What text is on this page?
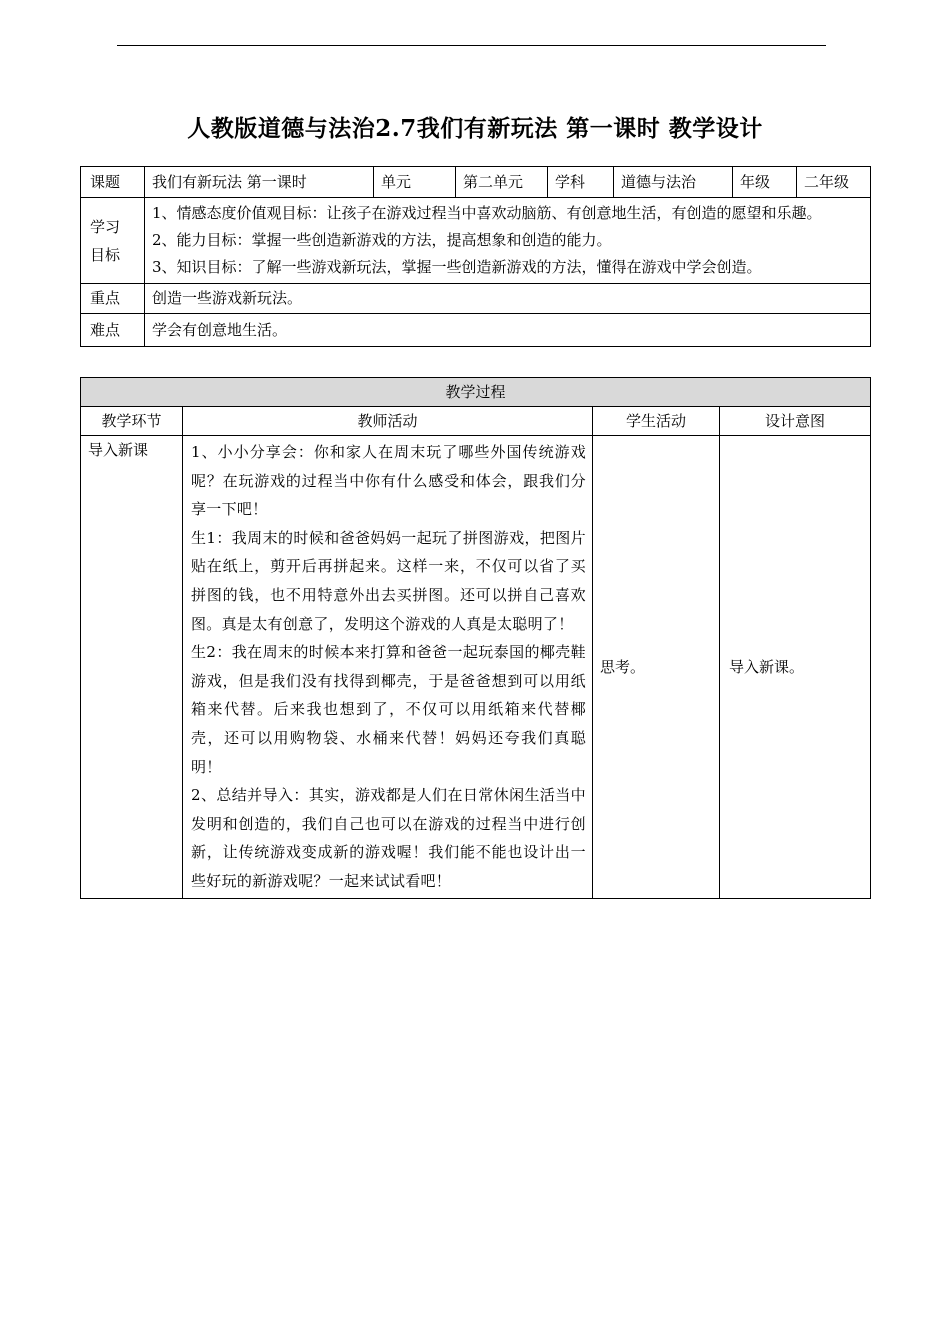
人教版道德与法治2.7我们有新玩法 第一课时 教学设计
课题	我们有新玩法 第一课时	单元	第二单元	学科	道德与法治	年级	二年级

学习
目标	1、情感态度价值观目标：让孩子在游戏过程当中喜欢动脑筋、有创意地生活，有创造的愿望和乐趣。
2、能力目标：掌握一些创造新游戏的方法，提高想象和创造的能力。
3、知识目标：了解一些游戏新玩法，掌握一些创造新游戏的方法，懂得在游戏中学会创造。						

重点	创造一些游戏新玩法。						
难点	学会有创意地生活。						
教学过程			
教学环节	教师活动	学生活动	设计意图
导入新课	1、小小分享会：你和家人在周末玩了哪些外国传统游戏呢？在玩游戏的过程当中你有什么感受和体会，跟我们分享一下吧！

生1：我周末的时候和爸爸妈妈一起玩了拼图游戏，把图片贴在纸上，剪开后再拼起来。这样一来，不仅可以省了买拼图的钱，也不用特意外出去买拼图。还可以拼自己喜欢图。真是太有创意了，发明这个游戏的人真是太聪明了！

生2：我在周末的时候本来打算和爸爸一起玩泰国的椰壳鞋游戏，但是我们没有找得到椰壳，于是爸爸想到可以用纸箱来代替。后来我也想到了，不仅可以用纸箱来代替椰壳，还可以用购物袋、水桶来代替！妈妈还夸我们真聪明！

2、总结并导入：其实，游戏都是人们在日常休闲生活当中发明和创造的，我们自己也可以在游戏的过程当中进行创新，让传统游戏变成新的游戏喔！我们能不能也设计出一些好玩的新游戏呢？一起来试试看吧！	思考。	导入新课。
